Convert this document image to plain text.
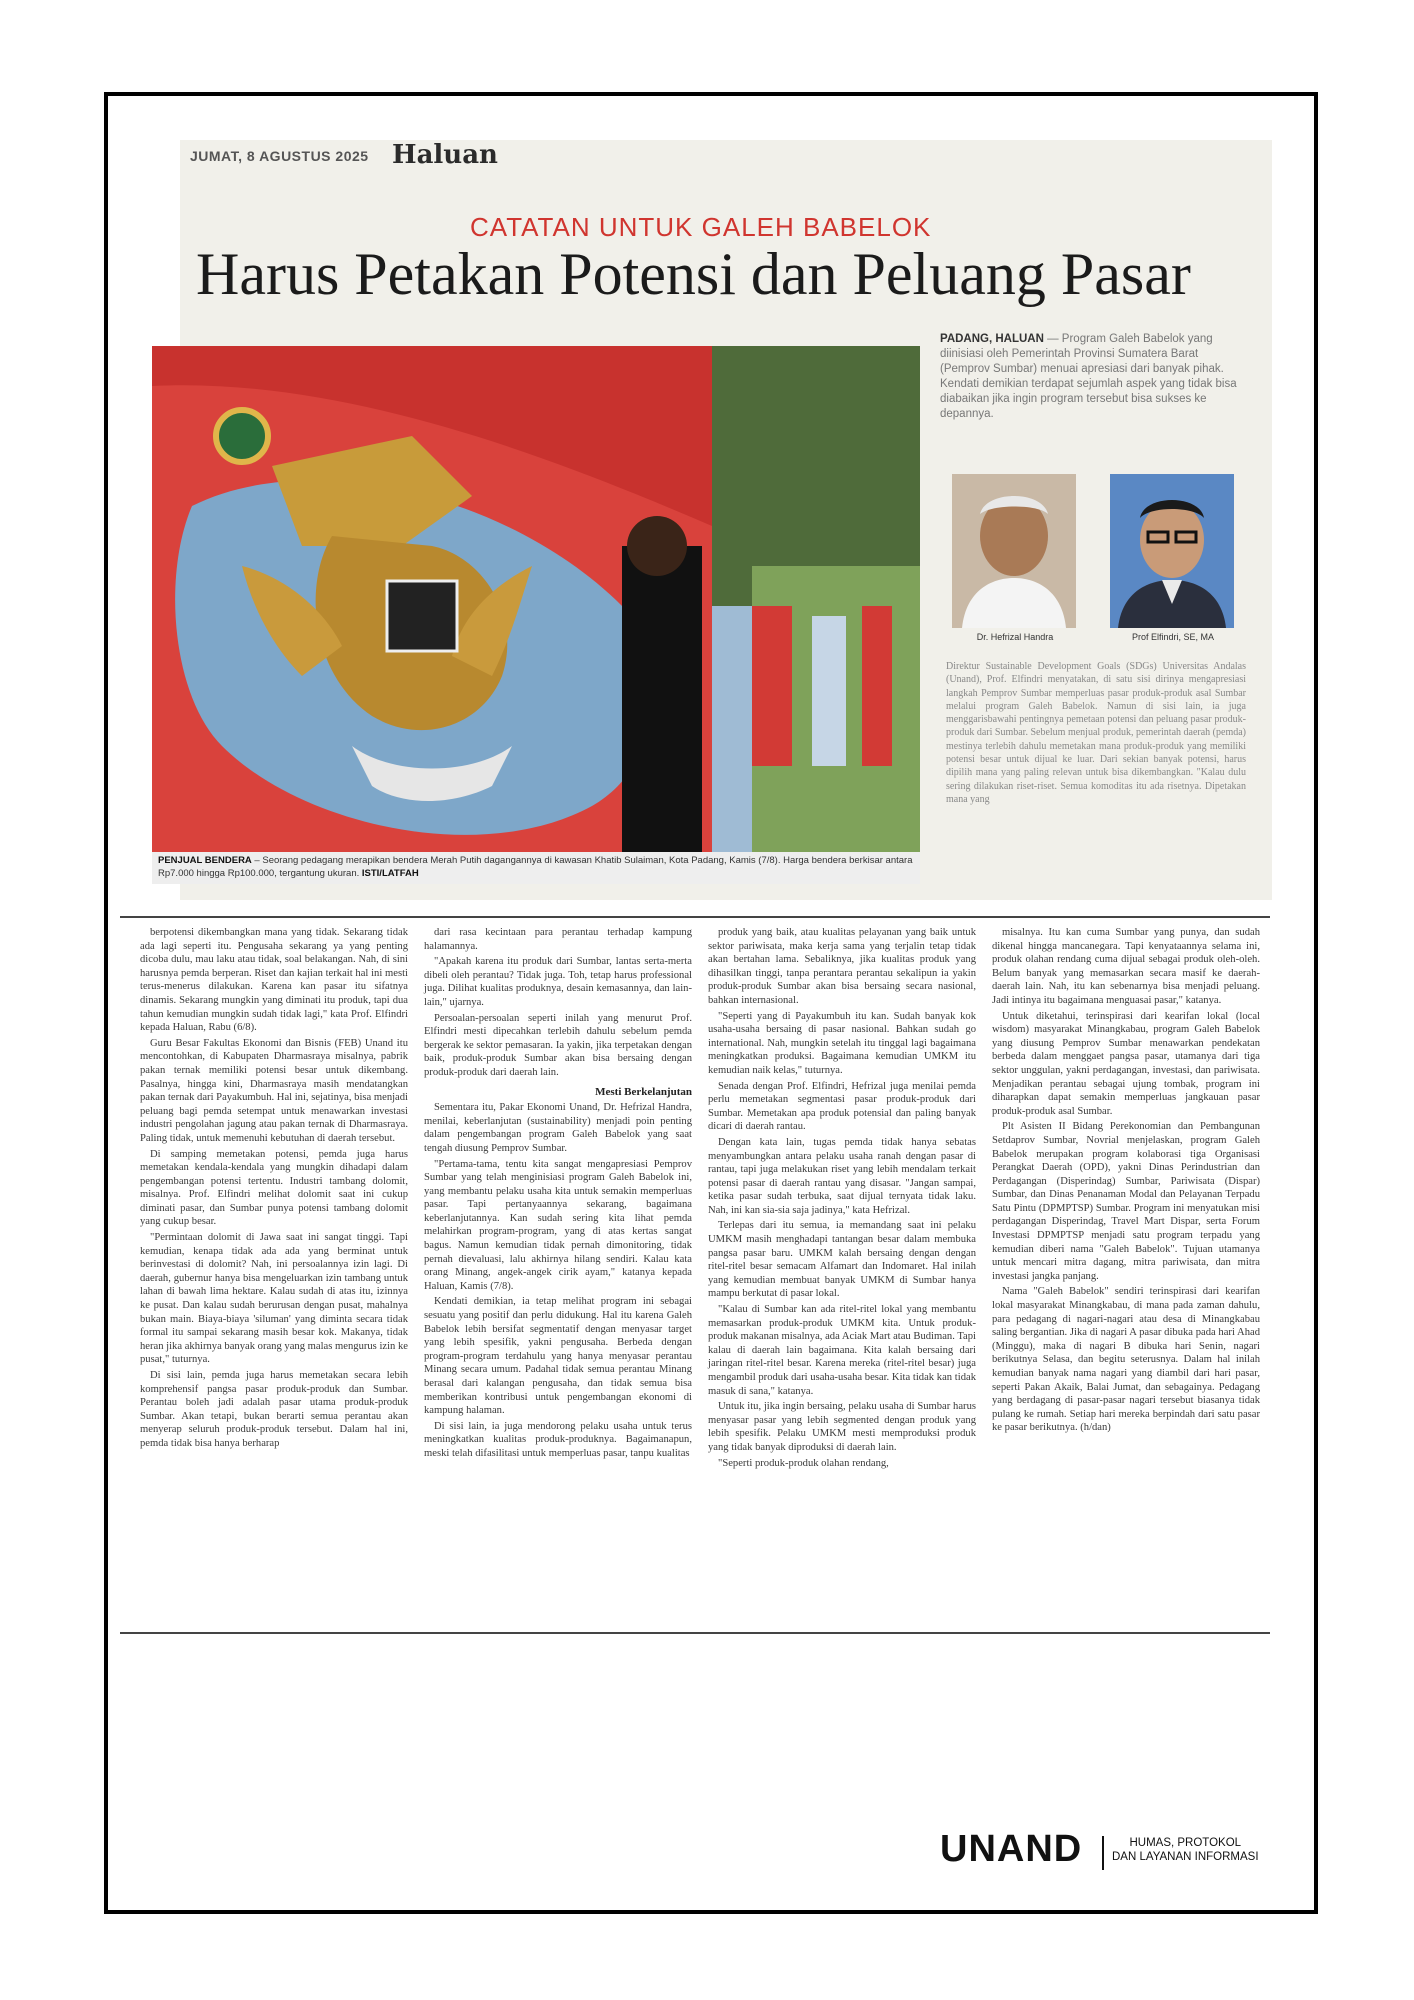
JUMAT, 8 AGUSTUS 2025 Haluan
CATATAN UNTUK GALEH BABELOK
Harus Petakan Potensi dan Peluang Pasar
PENJUAL BENDERA – Seorang pedagang merapikan bendera Merah Putih dagangannya di kawasan Khatib Sulaiman, Kota Padang, Kamis (7/8). Harga bendera berkisar antara Rp7.000 hingga Rp100.000, tergantung ukuran. ISTI/LATFAH
PADANG, HALUAN — Program Galeh Babelok yang diinisiasi oleh Pemerintah Provinsi Sumatera Barat (Pemprov Sumbar) menuai apresiasi dari banyak pihak. Kendati demikian terdapat sejumlah aspek yang tidak bisa diabaikan jika ingin program tersebut bisa sukses ke depannya.
Dr. Hefrizal Handra	Prof Elfindri, SE, MA
Direktur Sustainable Development Goals (SDGs) Universitas Andalas (Unand), Prof. Elfindri menyatakan, di satu sisi dirinya mengapresiasi langkah Pemprov Sumbar memperluas pasar produk-produk asal Sumbar melalui program Galeh Babelok. Namun di sisi lain, ia juga menggarisbawahi pentingnya pemetaan potensi dan peluang pasar produk-produk dari Sumbar. Sebelum menjual produk, pemerintah daerah (pemda) mestinya terlebih dahulu memetakan mana produk-produk yang memiliki potensi besar untuk dijual ke luar. Dari sekian banyak potensi, harus dipilih mana yang paling relevan untuk bisa dikembangkan. "Kalau dulu sering dilakukan riset-riset. Semua komoditas itu ada risetnya. Dipetakan mana yang

berpotensi dikembangkan mana yang tidak. Sekarang tidak ada lagi seperti itu. Pengusaha sekarang ya yang penting dicoba dulu, mau laku atau tidak, soal belakangan. Nah, di sini harusnya pemda berperan. Riset dan kajian terkait hal ini mesti terus-menerus dilakukan. Karena kan pasar itu sifatnya dinamis. Sekarang mungkin yang diminati itu produk, tapi dua tahun kemudian mungkin sudah tidak lagi," kata Prof. Elfindri kepada Haluan, Rabu (6/8).

Guru Besar Fakultas Ekonomi dan Bisnis (FEB) Unand itu mencontohkan, di Kabupaten Dharmasraya misalnya, pabrik pakan ternak memiliki potensi besar untuk dikembang. Pasalnya, hingga kini, Dharmasraya masih mendatangkan pakan ternak dari Payakumbuh. Hal ini, sejatinya, bisa menjadi peluang bagi pemda setempat untuk menawarkan investasi industri pengolahan jagung atau pakan ternak di Dharmasraya. Paling tidak, untuk memenuhi kebutuhan di daerah tersebut.

Di samping memetakan potensi, pemda juga harus memetakan kendala-kendala yang mungkin dihadapi dalam pengembangan potensi tertentu. Industri tambang dolomit, misalnya. Prof. Elfindri melihat dolomit saat ini cukup diminati pasar, dan Sumbar punya potensi tambang dolomit yang cukup besar.

"Permintaan dolomit di Jawa saat ini sangat tinggi. Tapi kemudian, kenapa tidak ada ada yang berminat untuk berinvestasi di dolomit? Nah, ini persoalannya izin lagi. Di daerah, gubernur hanya bisa mengeluarkan izin tambang untuk lahan di bawah lima hektare. Kalau sudah di atas itu, izinnya ke pusat. Dan kalau sudah berurusan dengan pusat, mahalnya bukan main. Biaya-biaya 'siluman' yang diminta secara tidak formal itu sampai sekarang masih besar kok. Makanya, tidak heran jika akhirnya banyak orang yang malas mengurus izin ke pusat," tuturnya.

Di sisi lain, pemda juga harus memetakan secara lebih komprehensif pangsa pasar produk-produk dan Sumbar. Perantau boleh jadi adalah pasar utama produk-produk Sumbar. Akan tetapi, bukan berarti semua perantau akan menyerap seluruh produk-produk tersebut. Dalam hal ini, pemda tidak bisa hanya berharap

dari rasa kecintaan para perantau terhadap kampung halamannya.

"Apakah karena itu produk dari Sumbar, lantas serta-merta dibeli oleh perantau? Tidak juga. Toh, tetap harus professional juga. Dilihat kualitas produknya, desain kemasannya, dan lain-lain," ujarnya.

Persoalan-persoalan seperti inilah yang menurut Prof. Elfindri mesti dipecahkan terlebih dahulu sebelum pemda bergerak ke sektor pemasaran. Ia yakin, jika terpetakan dengan baik, produk-produk Sumbar akan bisa bersaing dengan produk-produk dari daerah lain.

Mesti Berkelanjutan

Sementara itu, Pakar Ekonomi Unand, Dr. Hefrizal Handra, menilai, keberlanjutan (sustainability) menjadi poin penting dalam pengembangan program Galeh Babelok yang saat tengah diusung Pemprov Sumbar.

"Pertama-tama, tentu kita sangat mengapresiasi Pemprov Sumbar yang telah menginisiasi program Galeh Babelok ini, yang membantu pelaku usaha kita untuk semakin memperluas pasar. Tapi pertanyaannya sekarang, bagaimana keberlanjutannya. Kan sudah sering kita lihat pemda melahirkan program-program, yang di atas kertas sangat bagus. Namun kemudian tidak pernah dimonitoring, tidak pernah dievaluasi, lalu akhirnya hilang sendiri. Kalau kata orang Minang, angek-angek cirik ayam," katanya kepada Haluan, Kamis (7/8).

Kendati demikian, ia tetap melihat program ini sebagai sesuatu yang positif dan perlu didukung. Hal itu karena Galeh Babelok lebih bersifat segmentatif dengan menyasar target yang lebih spesifik, yakni pengusaha. Berbeda dengan program-program terdahulu yang hanya menyasar perantau Minang secara umum. Padahal tidak semua perantau Minang berasal dari kalangan pengusaha, dan tidak semua bisa memberikan kontribusi untuk pengembangan ekonomi di kampung halaman.

Di sisi lain, ia juga mendorong pelaku usaha untuk terus meningkatkan kualitas produk-produknya. Bagaimanapun, meski telah difasilitasi untuk memperluas pasar, tanpu kualitas

produk yang baik, atau kualitas pelayanan yang baik untuk sektor pariwisata, maka kerja sama yang terjalin tetap tidak akan bertahan lama. Sebaliknya, jika kualitas produk yang dihasilkan tinggi, tanpa perantara perantau sekalipun ia yakin produk-produk Sumbar akan bisa bersaing secara nasional, bahkan internasional.

"Seperti yang di Payakumbuh itu kan. Sudah banyak kok usaha-usaha bersaing di pasar nasional. Bahkan sudah go international. Nah, mungkin setelah itu tinggal lagi bagaimana meningkatkan produksi. Bagaimana kemudian UMKM itu kemudian naik kelas," tuturnya.

Senada dengan Prof. Elfindri, Hefrizal juga menilai pemda perlu memetakan segmentasi pasar produk-produk dari Sumbar. Memetakan apa produk potensial dan paling banyak dicari di daerah rantau.

Dengan kata lain, tugas pemda tidak hanya sebatas menyambungkan antara pelaku usaha ranah dengan pasar di rantau, tapi juga melakukan riset yang lebih mendalam terkait potensi pasar di daerah rantau yang disasar. "Jangan sampai, ketika pasar sudah terbuka, saat dijual ternyata tidak laku. Nah, ini kan sia-sia saja jadinya," kata Hefrizal.

Terlepas dari itu semua, ia memandang saat ini pelaku UMKM masih menghadapi tantangan besar dalam membuka pangsa pasar baru. UMKM kalah bersaing dengan dengan ritel-ritel besar semacam Alfamart dan Indomaret. Hal inilah yang kemudian membuat banyak UMKM di Sumbar hanya mampu berkutat di pasar lokal.

"Kalau di Sumbar kan ada ritel-ritel lokal yang membantu memasarkan produk-produk UMKM kita. Untuk produk-produk makanan misalnya, ada Aciak Mart atau Budiman. Tapi kalau di daerah lain bagaimana. Kita kalah bersaing dari jaringan ritel-ritel besar. Karena mereka (ritel-ritel besar) juga mengambil produk dari usaha-usaha besar. Kita tidak kan tidak masuk di sana," katanya.

Untuk itu, jika ingin bersaing, pelaku usaha di Sumbar harus menyasar pasar yang lebih segmented dengan produk yang lebih spesifik. Pelaku UMKM mesti memproduksi produk yang tidak banyak diproduksi di daerah lain.

"Seperti produk-produk olahan rendang,

misalnya. Itu kan cuma Sumbar yang punya, dan sudah dikenal hingga mancanegara. Tapi kenyataannya selama ini, produk olahan rendang cuma dijual sebagai produk oleh-oleh. Belum banyak yang memasarkan secara masif ke daerah-daerah lain. Nah, itu kan sebenarnya bisa menjadi peluang. Jadi intinya itu bagaimana menguasai pasar," katanya.

Untuk diketahui, terinspirasi dari kearifan lokal (local wisdom) masyarakat Minangkabau, program Galeh Babelok yang diusung Pemprov Sumbar menawarkan pendekatan berbeda dalam menggaet pangsa pasar, utamanya dari tiga sektor unggulan, yakni perdagangan, investasi, dan pariwisata. Menjadikan perantau sebagai ujung tombak, program ini diharapkan dapat semakin memperluas jangkauan pasar produk-produk asal Sumbar.

Plt Asisten II Bidang Perekonomian dan Pembangunan Setdaprov Sumbar, Novrial menjelaskan, program Galeh Babelok merupakan program kolaborasi tiga Organisasi Perangkat Daerah (OPD), yakni Dinas Perindustrian dan Perdagangan (Disperindag) Sumbar, Pariwisata (Dispar) Sumbar, dan Dinas Penanaman Modal dan Pelayanan Terpadu Satu Pintu (DPMPTSP) Sumbar. Program ini menyatukan misi perdagangan Disperindag, Travel Mart Dispar, serta Forum Investasi DPMPTSP menjadi satu program terpadu yang kemudian diberi nama "Galeh Babelok". Tujuan utamanya untuk mencari mitra dagang, mitra pariwisata, dan mitra investasi jangka panjang.

Nama "Galeh Babelok" sendiri terinspirasi dari kearifan lokal masyarakat Minangkabau, di mana pada zaman dahulu, para pedagang di nagari-nagari atau desa di Minangkabau saling bergantian. Jika di nagari A pasar dibuka pada hari Ahad (Minggu), maka di nagari B dibuka hari Senin, nagari berikutnya Selasa, dan begitu seterusnya. Dalam hal inilah kemudian banyak nama nagari yang diambil dari hari pasar, seperti Pakan Akaik, Balai Jumat, dan sebagainya. Pedagang yang berdagang di pasar-pasar nagari tersebut biasanya tidak pulang ke rumah. Setiap hari mereka berpindah dari satu pasar ke pasar berikutnya. (h/dan)

UNAND	HUMAS, PROTOKOL
DAN LAYANAN INFORMASI
